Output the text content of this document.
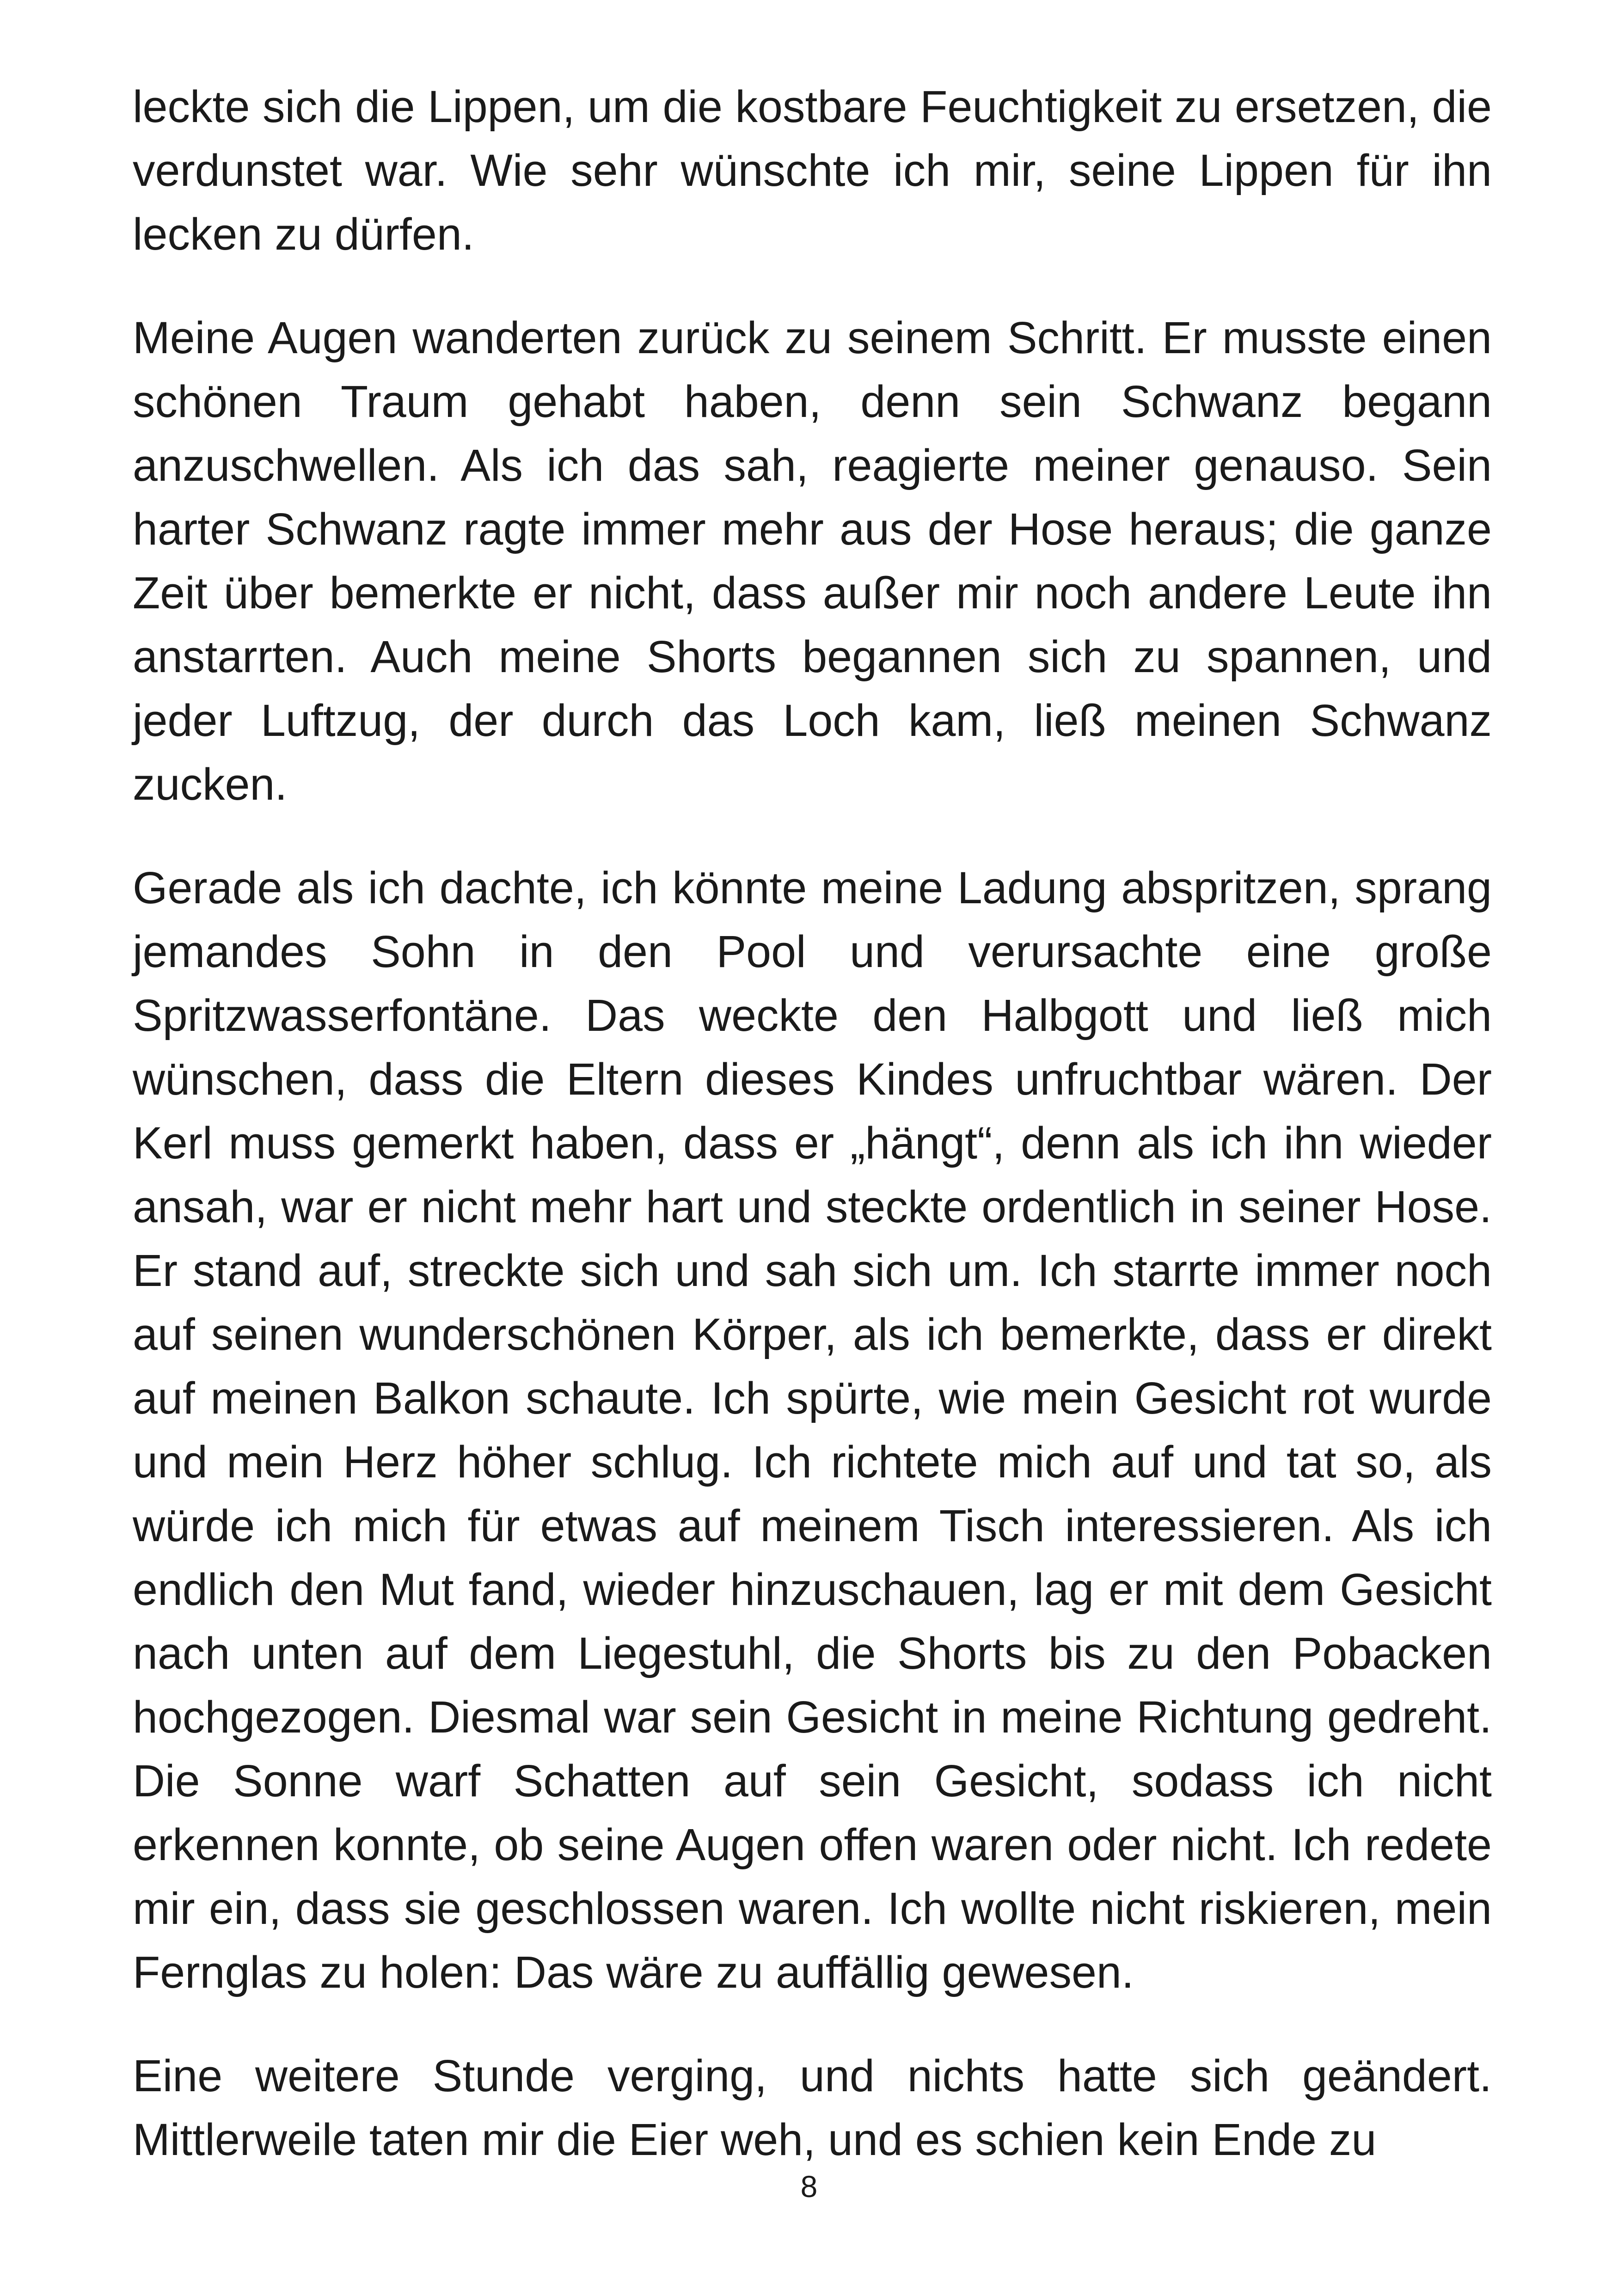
leckte sich die Lippen, um die kostbare Feuchtigkeit zu ersetzen, die verdunstet war. Wie sehr wünschte ich mir, seine Lippen für ihn lecken zu dürfen.

Meine Augen wanderten zurück zu seinem Schritt. Er musste einen schönen Traum gehabt haben, denn sein Schwanz begann anzuschwellen. Als ich das sah, reagierte meiner genauso. Sein harter Schwanz ragte immer mehr aus der Hose heraus; die ganze Zeit über bemerkte er nicht, dass außer mir noch andere Leute ihn anstarrten. Auch meine Shorts begannen sich zu spannen, und jeder Luftzug, der durch das Loch kam, ließ meinen Schwanz zucken.

Gerade als ich dachte, ich könnte meine Ladung abspritzen, sprang jemandes Sohn in den Pool und verursachte eine große Spritzwasserfontäne. Das weckte den Halbgott und ließ mich wünschen, dass die Eltern dieses Kindes unfruchtbar wären. Der Kerl muss gemerkt haben, dass er „hängt“, denn als ich ihn wieder ansah, war er nicht mehr hart und steckte ordentlich in seiner Hose. Er stand auf, streckte sich und sah sich um. Ich starrte immer noch auf seinen wunderschönen Körper, als ich bemerkte, dass er direkt auf meinen Balkon schaute. Ich spürte, wie mein Gesicht rot wurde und mein Herz höher schlug. Ich richtete mich auf und tat so, als würde ich mich für etwas auf meinem Tisch interessieren. Als ich endlich den Mut fand, wieder hinzuschauen, lag er mit dem Gesicht nach unten auf dem Liegestuhl, die Shorts bis zu den Pobacken hochgezogen. Diesmal war sein Gesicht in meine Richtung gedreht. Die Sonne warf Schatten auf sein Gesicht, sodass ich nicht erkennen konnte, ob seine Augen offen waren oder nicht. Ich redete mir ein, dass sie geschlossen waren. Ich wollte nicht riskieren, mein Fernglas zu holen: Das wäre zu auffällig gewesen.

Eine weitere Stunde verging, und nichts hatte sich geändert. Mittlerweile taten mir die Eier weh, und es schien kein Ende zu

8
